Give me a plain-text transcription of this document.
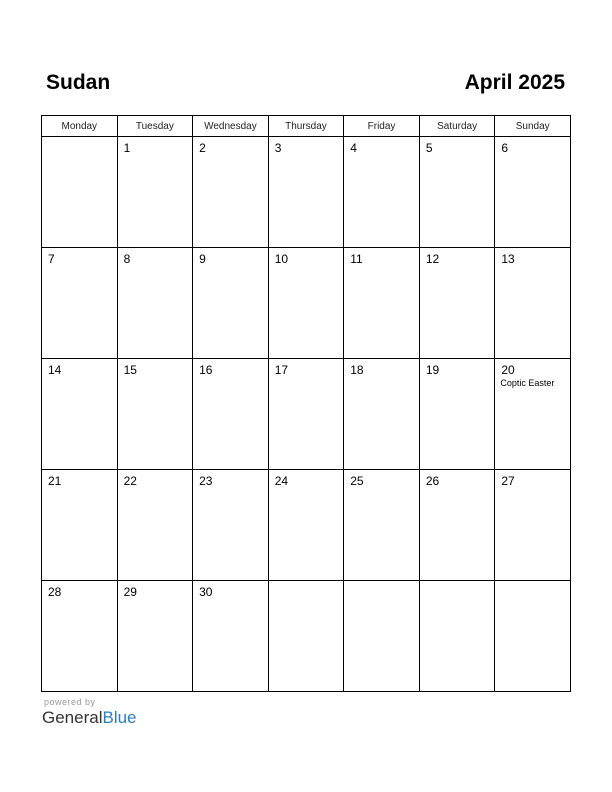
Sudan	April 2025
Monday	Tuesday	Wednesday	Thursday	Friday	Saturday	Sunday

	1	2	3	4	5	6

7	8	9	10	11	12	13

14	15	16	17	18	19	20
Coptic Easter

21	22	23	24	25	26	27

28	29	30				

powered by
GeneralBlue
